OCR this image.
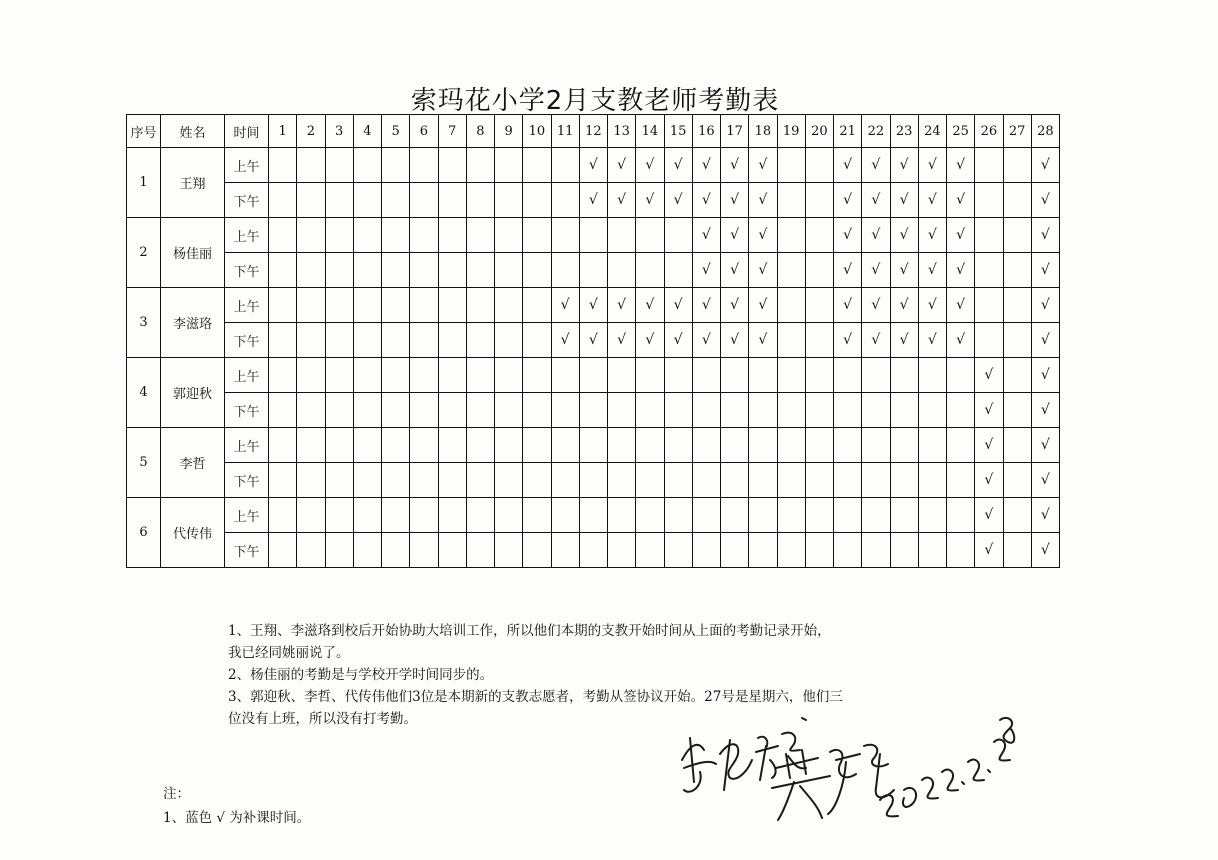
索玛花小学2月支教老师考勤表
序号	姓名	时间	1	2	3	4	5	6	7	8	9	10	11	12	13	14	15	16	17	18	19	20	21	22	23	24	25	26	27	28
1	王翔	上午												√	√	√	√	√	√	√			√	√	√	√	√			√
		下午												√	√	√	√	√	√	√			√	√	√	√	√			√
2	杨佳丽	上午																√	√	√			√	√	√	√	√			√
		下午																√	√	√			√	√	√	√	√			√
3	李滋珞	上午											√	√	√	√	√	√	√	√			√	√	√	√	√			√
		下午											√	√	√	√	√	√	√	√			√	√	√	√	√			√
4	郭迎秋	上午																										√		√
		下午																										√		√
5	李哲	上午																										√		√
		下午																										√		√
6	代传伟	上午																										√		√
		下午																										√		√

1、王翔、李滋珞到校后开始协助大培训工作，所以他们本期的支教开始时间从上面的考勤记录开始，

我已经同姚丽说了。

2、杨佳丽的考勤是与学校开学时间同步的。

3、郭迎秋、李哲、代传伟他们3位是本期新的支教志愿者，考勤从签协议开始。27号是星期六，他们三

位没有上班，所以没有打考勤。

注：

1、蓝色 √ 为补课时间。
